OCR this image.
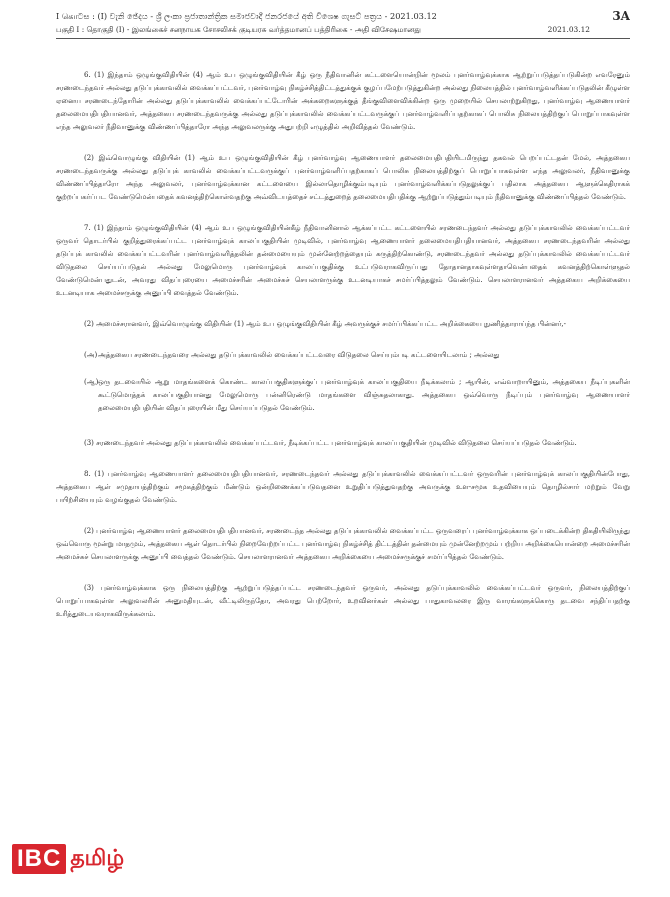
I கொටස : (I) වැනි ඡේදය - ශ්‍රී ලංකා ප්‍රජාතාන්ත්‍රික සමාජවාදී ජනරජයේ අති විශෙෂ ගැසට් පත්‍රය - 2021.03.12	3A
பகுதி I : தொகுதி (I) - இலங்கைச் சனநாயக சோசலிசக் குடியரசு வர்த்தமானப் பத்திரிகை - அதி விசேஷமானது	2021.03.12

6. (1) இந்தாம் ஒழுங்குவிதியின் (4) ஆம் உப ஒழுங்குவிதியின் கீழ் ஒரு நீதிவானின் கட்டளையொன்றின் மூலம் புனர்வாழ்வுக்காக ஆற்றுப்படுத்தப்படுகின்ற எவரேனும் சரணடைந்தவர் அல்லது தடுப்புக்காவலில் வைக்கப்பட்டவர், புனர்வாழ்வு நிகழ்ச்சித்திட்டத்துக்குக் குழப்பமேற்படுத்துகின்ற அல்லது நிலையத்தில் புனர்வாழ்வளிக்கப்படுதலின் கீழுள்ள ஏனைய சரணடைந்தோரின் அல்லது தடுப்புக்காவலில் வைக்கப்பட்டோரின் அக்கறைகளுக்குத் தீங்குவிளைவிக்கின்ற ஒரு முறையில் செயலாற்றுகிறது, புனர்வாழ்வு ஆணையாளர் தலைமையதிபதியானவர், அத்தகைய சரணடைந்தவருக்கு அல்லது தடுப்புக்காவலில் வைக்கப்பட்டவருக்குப் புனர்வாழ்வளிப்பதற்காகப் பொலிசு நிலையத்திற்குப் பொறுப்பாகவுள்ள எந்த அலுவலர் நீதிவானுக்கு விண்ணப்பித்தாரோ அந்த அலுவலருக்கு அதுபற்றி எழுத்தில் அறிவித்தல் வேண்டும்.

(2) இவ்வொழுங்கு விதியின் (1) ஆம் உப ஒழுங்குவிதியின் கீழ் புனர்வாழ்வு ஆணையாளர் தலைமையதிபதியிடமிருந்து தகவல் பெறப்பட்டதன் மேல், அத்தகைய சரணடைந்தவருக்கு அல்லது தடுப்புக் காவலில் வைக்கப்பட்டவருக்குப் புனர்வாழ்வளிப்பதற்காகப் பொலிசு நிலையத்திற்குப் பொறுப்பாகவுள்ள எந்த அலுவலர், நீதிவானுக்கு விண்ணப்பித்தாரோ அந்த அலுவலர், புனர்வாழ்வுக்கான கட்டளையை இல்லாதொழிக்கும்படியும் புனர்வாழ்வளிக்கப்படுதலுக்குப் பதிலாக அத்தகைய ஆளுக்கெதிராகக் குற்றப்பகர்ப்பட வேண்டுமென்பதைக் கவனத்திற்கொள்வதற்கு அவ்விடயத்தைச் சட்டத்துறைத் தலைமையதிபதிக்கு ஆற்றுப்படுத்தும்படியும் நீதிவானுக்கு விண்ணப்பித்தல் வேண்டும்.

7. (1) இந்தாம் ஒழுங்குவிதியின் (4) ஆம் உப ஒழுங்குவிதியின்கீழ் நீதிவானினால் ஆக்கப்பட்ட கட்டளையில் சரணடைந்தவர் அல்லது தடுப்புக்காவலில் வைக்கப்பட்டவர் ஒருவர் தொடர்பில் குறித்துரைக்கப்பட்ட புனர்வாழ்வுக் காலப்பகுதியின் முடிவில், புனர்வாழ்வு ஆணையாளர் தலைமையதிபதியானவர், அத்தகைய சரணடைந்தவரின் அல்லது தடுப்புக் காவலில் வைக்கப்பட்டவரின் புனர்வாழ்வளித்தலின் தன்மையையும் முன்னேற்றத்தையும் கருத்திற்கொண்டு, சரணடைந்தவர் அல்லது தடுப்புக்காவலில் வைக்கப்பட்டவர் விடுதலை செய்யப்படுதல் அல்லது மேலுமொரு புனர்வாழ்வுக் காலப்பகுதிக்கு உட்படுவராகவிருப்பது தோதானதாகவுள்ளதாவென்பதைக் கவனத்திற்கொள்ளுதல் வேண்டுமென்பதுடன், அவரது விதப்புரையை அமைச்சரின் அமைச்சுச் செயலாளருக்கு உடனடியாகச் சமர்ப்பித்தலும் வேண்டும். செயலாளரானவர் அத்தகைய அறிக்கையை உடனடியாக அமைச்சருக்கு அனுப்பி வைத்தல் வேண்டும்.

(2) அமைச்சரானவர், இவ்வொழுங்கு விதியின் (1) ஆம் உப ஒழுங்குவிதியின் கீழ் அவருக்குச் சமர்ப்பிக்கப்பட்ட அறிக்கையை நுணித்தாராய்ந்த பின்னர்,-

(அ) அத்தகைய சரணடைந்தவரை அல்லது தடுப்புக்காவலில் வைக்கப்பட்டவரை விடுதலை செய்யும்படி கட்டளையிடலாம் ; அல்லது

(ஆ) ஒரு தடவையில் ஆறு மாதங்களைக் கொண்ட காலப்பகுதிகளுக்குப் புனர்வாழ்வுக் காலப்பகுதியை நீடிக்கலாம் ; ஆயின், எவ்வாறாயினும், அத்தகைய நீடிப்புகளின் கூட்டுமொத்தக் காலப்பகுதியானது மேலுமொரு பன்னிரெண்டு மாதங்களை விஞ்சுதலாகாது. அத்தகைய ஒவ்வொரு நீடிப்பும் புனர்வாழ்வு ஆணையாளர் தலைமையதிபதியின் விதப்புரையின் மீது செய்யப்படுதல் வேண்டும்.

(3) சரணடைந்தவர் அல்லது தடுப்புக்காவலில் வைக்கப்பட்டவர், நீடிக்கப்பட்ட புனர்வாழ்வுக் காலப்பகுதியின் முடிவில் விடுதலை செய்யப்படுதல் வேண்டும்.

8. (1) புனர்வாழ்வு ஆணையாளர் தலைமையதிபதியானவர், சரணடைந்தவர் அல்லது தடுப்புக்காவலில் வைக்கப்பட்டவர் ஒருவரின் புனர்வாழ்வுக் காலப்பகுதியின்போது, அத்தகைய ஆள் சமுதாயத்திற்கும் சமூகத்திற்கும் மீண்டும் ஒன்றிணைக்கப்படுவதனை உறுதிப்படுத்துவதற்கு அவருக்கு உள-சமூக உதவியையும் தொழில்சார் மற்றும் வேறு பயிற்சியையும் வழங்குதல் வேண்டும்.

(2) புனர்வாழ்வு ஆணையாளர் தலைமையதிபதியானவர், சரணடைந்த அல்லது தடுப்புக்காவலில் வைக்கப்பட்ட ஒருவரைப் புனர்வாழ்வுக்காக ஒப்படைக்கின்ற திகதியிலிருந்து ஒவ்வொரு மூன்று மாதமும், அத்தகைய ஆள் தொடர்பில் நிறைவேற்றப்பட்ட புனர்வாழ்வு நிகழ்ச்சித் திட்டத்தின் தன்மையும் முன்னேற்றமும் பற்றிய அறிக்கையொன்றை அமைச்சரின் அமைச்சுச் செயலாளருக்கு அனுப்பி வைத்தல் வேண்டும். செயலாளரானவர் அத்தகைய அறிக்கையை அமைச்சருக்குச் சமர்ப்பித்தல் வேண்டும்.

(3) புனர்வாழ்வுக்காக ஒரு நிலையத்திற்கு ஆற்றுப்படுத்தப்பட்ட சரணடைந்தவர் ஒருவர், அல்லது தடுப்புக்காவலில் வைக்கப்பட்டவர் ஒருவர், நிலையத்திற்குப் பொறுப்பாகவுள்ள அலுவலரின் அனுமதியுடன், வீட்டிலிருந்தோ, அவரது பெற்றோர், உறவினர்கள் அல்லது பாதுகாவலரை இரு வாரங்களுக்கொரு தடவை சந்திப்பதற்கு உரித்துடையவராகவிருக்கலாம்.

IBC தமிழ்
